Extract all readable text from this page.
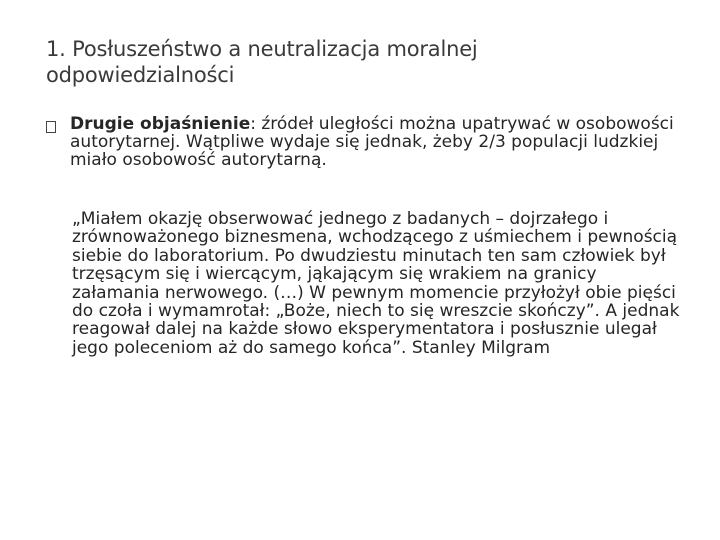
1. Posłuszeństwo a neutralizacja moralnej odpowiedzialności
Drugie objaśnienie: źródeł uległości można upatrywać w osobowości autorytarnej. Wątpliwe wydaje się jednak, żeby 2/3 populacji ludzkiej miało osobowość autorytarną.
„Miałem okazję obserwować jednego z badanych – dojrzałego i zrównoważonego biznesmena, wchodzącego z uśmiechem i pewnością siebie do laboratorium. Po dwudziestu minutach ten sam człowiek był trzęsącym się i wiercącym, jąkającym się wrakiem na granicy załamania nerwowego. (…) W pewnym momencie przyłożył obie pięści do czoła i wymamrotał: „Boże, niech to się wreszcie skończy”. A jednak reagował dalej na każde słowo eksperymentatora i posłusznie ulegał jego poleceniom aż do samego końca”. Stanley Milgram
